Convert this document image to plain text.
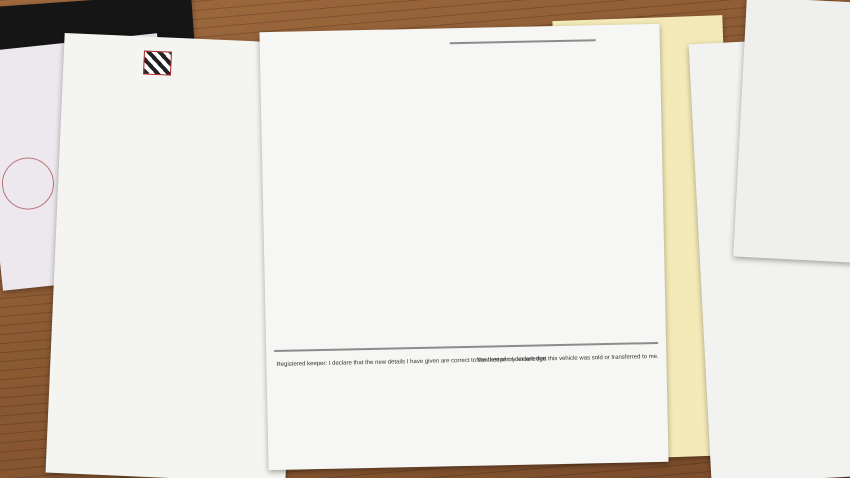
Registered keeper: I declare that the new details I have given are correct to the best of my knowledge.
New keeper: I declare that this vehicle was sold or transferred to me.
